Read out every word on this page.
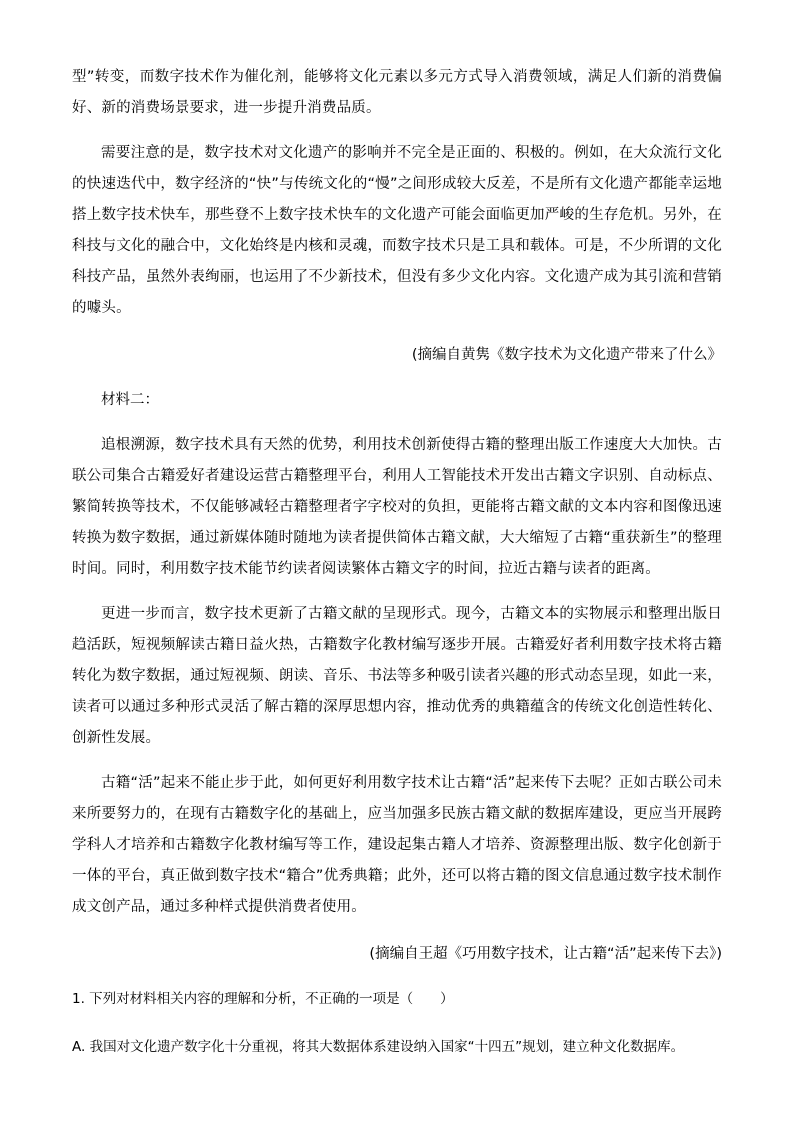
型”转变，而数字技术作为催化剂，能够将文化元素以多元方式导入消费领域，满足人们新的消费偏好、新的消费场景要求，进一步提升消费品质。

需要注意的是，数字技术对文化遗产的影响并不完全是正面的、积极的。例如，在大众流行文化的快速迭代中，数字经济的“快”与传统文化的“慢”之间形成较大反差，不是所有文化遗产都能幸运地搭上数字技术快车，那些登不上数字技术快车的文化遗产可能会面临更加严峻的生存危机。另外，在科技与文化的融合中，文化始终是内核和灵魂，而数字技术只是工具和载体。可是，不少所谓的文化科技产品，虽然外表绚丽，也运用了不少新技术，但没有多少文化内容。文化遗产成为其引流和营销的噱头。

(摘编自黄隽《数字技术为文化遗产带来了什么》

材料二：

追根溯源，数字技术具有天然的优势，利用技术创新使得古籍的整理出版工作速度大大加快。古联公司集合古籍爱好者建设运营古籍整理平台，利用人工智能技术开发出古籍文字识别、自动标点、繁简转换等技术，不仅能够减轻古籍整理者字字校对的负担，更能将古籍文献的文本内容和图像迅速转换为数字数据，通过新媒体随时随地为读者提供简体古籍文献，大大缩短了古籍“重获新生”的整理时间。同时，利用数字技术能节约读者阅读繁体古籍文字的时间，拉近古籍与读者的距离。

更进一步而言，数字技术更新了古籍文献的呈现形式。现今，古籍文本的实物展示和整理出版日趋活跃，短视频解读古籍日益火热，古籍数字化教材编写逐步开展。古籍爱好者利用数字技术将古籍转化为数字数据，通过短视频、朗读、音乐、书法等多种吸引读者兴趣的形式动态呈现，如此一来，读者可以通过多种形式灵活了解古籍的深厚思想内容，推动优秀的典籍蕴含的传统文化创造性转化、创新性发展。

古籍“活”起来不能止步于此，如何更好利用数字技术让古籍“活”起来传下去呢？正如古联公司未来所要努力的，在现有古籍数字化的基础上，应当加强多民族古籍文献的数据库建设，更应当开展跨学科人才培养和古籍数字化教材编写等工作，建设起集古籍人才培养、资源整理出版、数字化创新于一体的平台，真正做到数字技术“籍合”优秀典籍；此外，还可以将古籍的图文信息通过数字技术制作成文创产品，通过多种样式提供消费者使用。

(摘编自王超《巧用数字技术，让古籍“活”起来传下去》)

1. 下列对材料相关内容的理解和分析，不正确的一项是（　　）

A. 我国对文化遗产数字化十分重视，将其大数据体系建设纳入国家“十四五”规划，建立种文化数据库。
